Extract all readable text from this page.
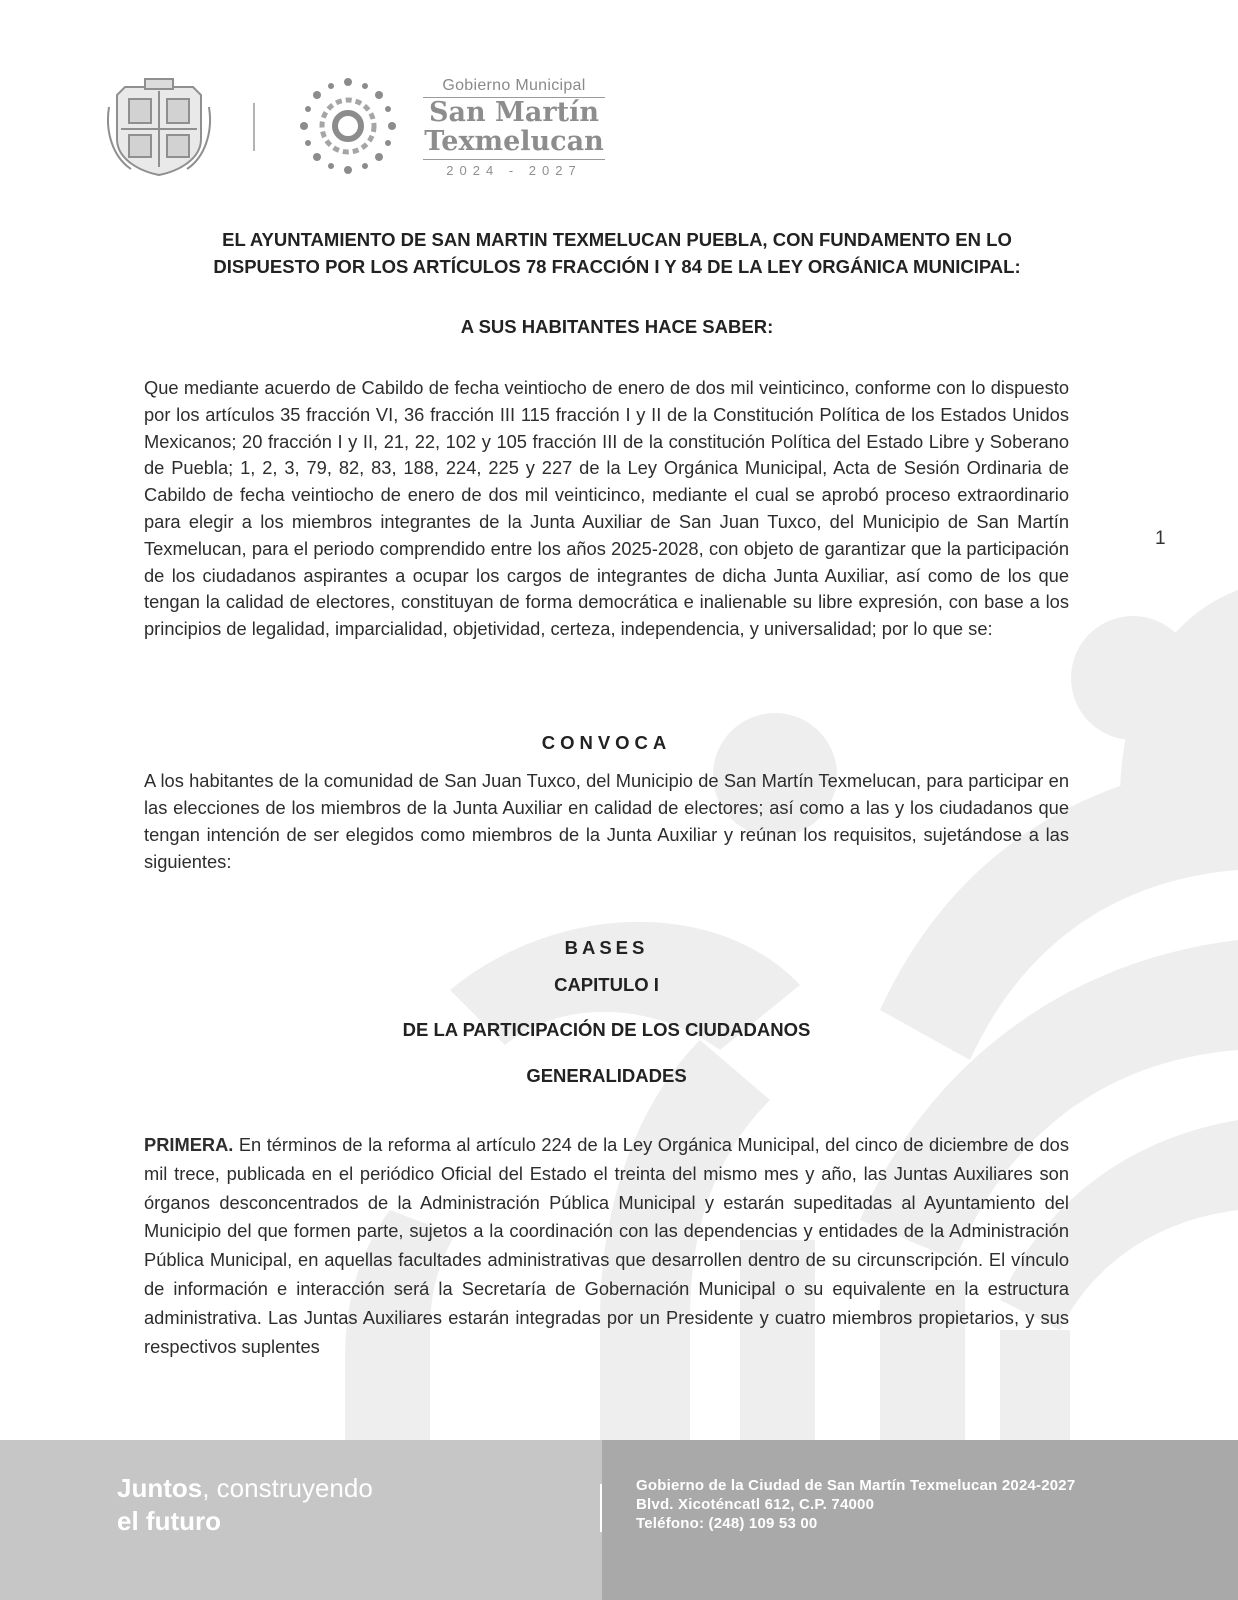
Gobierno Municipal
San Martín
Texmelucan
2024 - 2027
EL AYUNTAMIENTO DE SAN MARTIN TEXMELUCAN PUEBLA, CON FUNDAMENTO EN LO
DISPUESTO POR LOS ARTÍCULOS 78 FRACCIÓN I Y 84 DE LA LEY ORGÁNICA MUNICIPAL:
A SUS HABITANTES HACE SABER:
Que mediante acuerdo de Cabildo de fecha veintiocho de enero de dos mil veinticinco, conforme con lo dispuesto por los artículos 35 fracción VI, 36 fracción III 115 fracción I y II de la Constitución Política de los Estados Unidos Mexicanos; 20 fracción I y II, 21, 22, 102 y 105 fracción III de la constitución Política del Estado Libre y Soberano de Puebla; 1, 2, 3, 79, 82, 83, 188, 224, 225 y 227 de la Ley Orgánica Municipal, Acta de Sesión Ordinaria de Cabildo de fecha veintiocho de enero de dos mil veinticinco, mediante el cual se aprobó proceso extraordinario para elegir a los miembros integrantes de la Junta Auxiliar de San Juan Tuxco, del Municipio de San Martín Texmelucan, para el periodo comprendido entre los años 2025-2028, con objeto de garantizar que la participación de los ciudadanos aspirantes a ocupar los cargos de integrantes de dicha Junta Auxiliar, así como de los que tengan la calidad de electores, constituyan de forma democrática e inalienable su libre expresión, con base a los principios de legalidad, imparcialidad, objetividad, certeza, independencia, y universalidad; por lo que se:
CONVOCA
A los habitantes de la comunidad de San Juan Tuxco, del Municipio de San Martín Texmelucan, para participar en las elecciones de los miembros de la Junta Auxiliar en calidad de electores; así como a las y los ciudadanos que tengan intención de ser elegidos como miembros de la Junta Auxiliar y reúnan los requisitos, sujetándose a las siguientes:
BASES
CAPITULO I
DE LA PARTICIPACIÓN DE LOS CIUDADANOS
GENERALIDADES
PRIMERA. En términos de la reforma al artículo 224 de la Ley Orgánica Municipal, del cinco de diciembre de dos mil trece, publicada en el periódico Oficial del Estado el treinta del mismo mes y año, las Juntas Auxiliares son órganos desconcentrados de la Administración Pública Municipal y estarán supeditadas al Ayuntamiento del Municipio del que formen parte, sujetos a la coordinación con las dependencias y entidades de la Administración Pública Municipal, en aquellas facultades administrativas que desarrollen dentro de su circunscripción. El vínculo de información e interacción será la Secretaría de Gobernación Municipal o su equivalente en la estructura administrativa. Las Juntas Auxiliares estarán integradas por un Presidente y cuatro miembros propietarios, y sus respectivos suplentes
1
Juntos, construyendo
el futuro
Gobierno de la Ciudad de San Martín Texmelucan 2024-2027
Blvd. Xicoténcatl 612, C.P. 74000
Teléfono: (248) 109 53 00
